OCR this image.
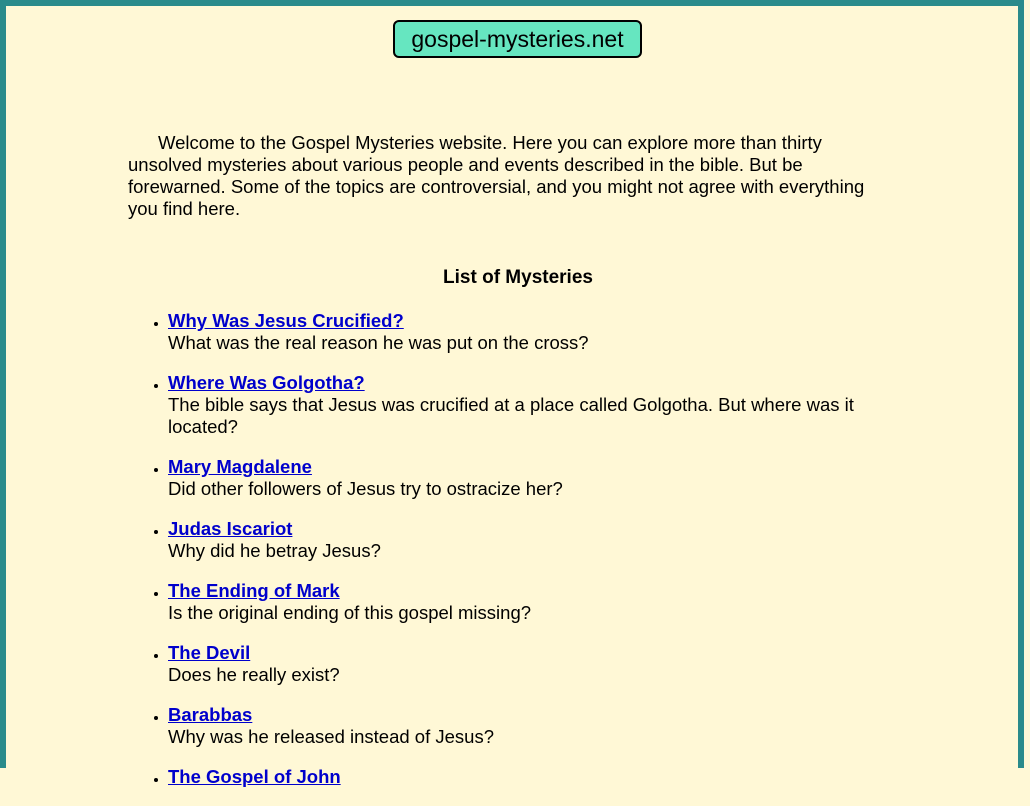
gospel-mysteries.net

Welcome to the Gospel Mysteries website. Here you can explore more than thirty unsolved mysteries about various people and events described in the bible. But be forewarned. Some of the topics are controversial, and you might not agree with everything you find here.

List of Mysteries
• Why Was Jesus Crucified?
What was the real reason he was put on the cross?
• Where Was Golgotha?
The bible says that Jesus was crucified at a place called Golgotha. But where was it located?
• Mary Magdalene
Did other followers of Jesus try to ostracize her?
• Judas Iscariot
Why did he betray Jesus?
• The Ending of Mark
Is the original ending of this gospel missing?
• The Devil
Does he really exist?
• Barabbas
Why was he released instead of Jesus?
• The Gospel of John
